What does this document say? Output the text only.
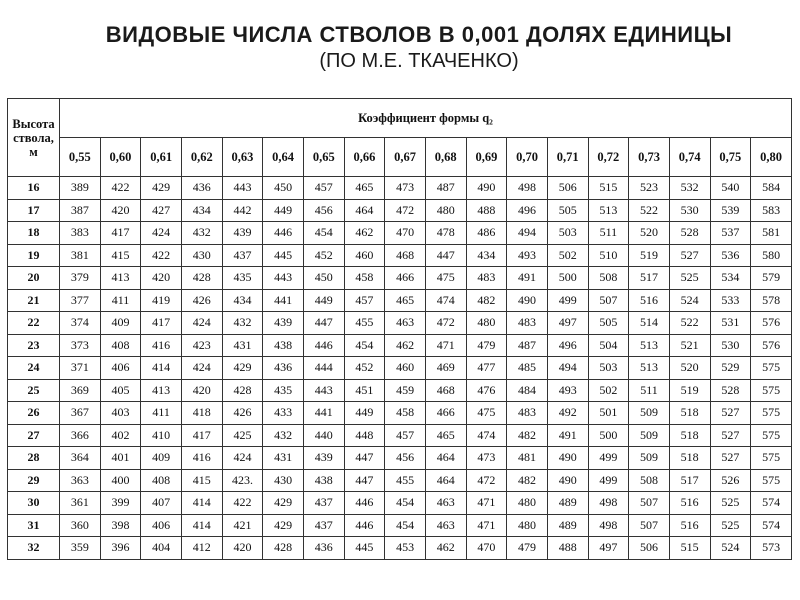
ВИДОВЫЕ ЧИСЛА СТВОЛОВ В 0,001 ДОЛЯХ ЕДИНИЦЫ
(ПО М.Е. ТКАЧЕНКО)
Высота ствола, м	Коэффициент формы q₂																	
	0,55	0,60	0,61	0,62	0,63	0,64	0,65	0,66	0,67	0,68	0,69	0,70	0,71	0,72	0,73	0,74	0,75	0,80
16	389	422	429	436	443	450	457	465	473	487	490	498	506	515	523	532	540	584
17	387	420	427	434	442	449	456	464	472	480	488	496	505	513	522	530	539	583
18	383	417	424	432	439	446	454	462	470	478	486	494	503	511	520	528	537	581
19	381	415	422	430	437	445	452	460	468	447	434	493	502	510	519	527	536	580
20	379	413	420	428	435	443	450	458	466	475	483	491	500	508	517	525	534	579
21	377	411	419	426	434	441	449	457	465	474	482	490	499	507	516	524	533	578
22	374	409	417	424	432	439	447	455	463	472	480	483	497	505	514	522	531	576
23	373	408	416	423	431	438	446	454	462	471	479	487	496	504	513	521	530	576
24	371	406	414	424	429	436	444	452	460	469	477	485	494	503	513	520	529	575
25	369	405	413	420	428	435	443	451	459	468	476	484	493	502	511	519	528	575
26	367	403	411	418	426	433	441	449	458	466	475	483	492	501	509	518	527	575
27	366	402	410	417	425	432	440	448	457	465	474	482	491	500	509	518	527	575
28	364	401	409	416	424	431	439	447	456	464	473	481	490	499	509	518	527	575
29	363	400	408	415	423.	430	438	447	455	464	472	482	490	499	508	517	526	575
30	361	399	407	414	422	429	437	446	454	463	471	480	489	498	507	516	525	574
31	360	398	406	414	421	429	437	446	454	463	471	480	489	498	507	516	525	574
32	359	396	404	412	420	428	436	445	453	462	470	479	488	497	506	515	524	573
